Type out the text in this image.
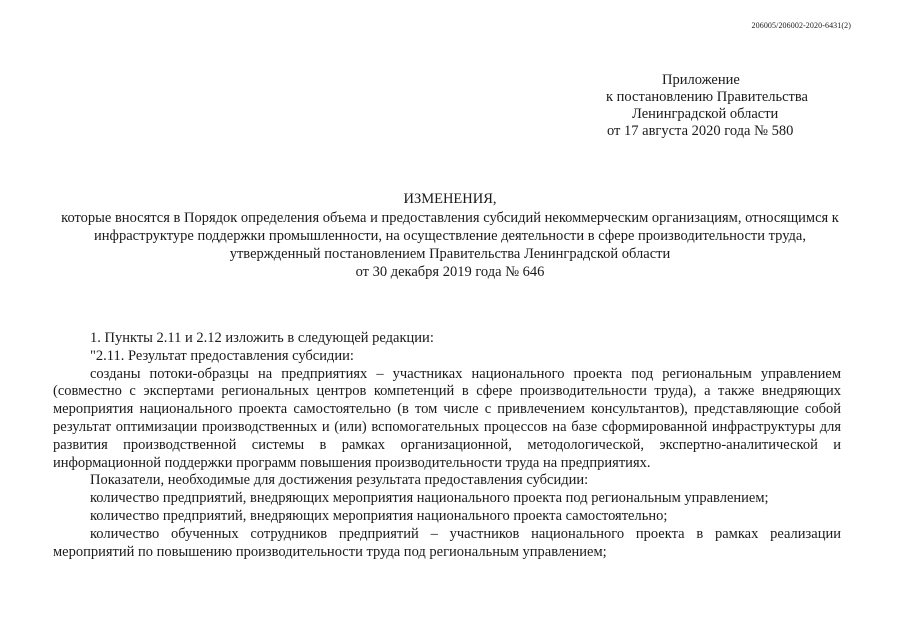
206005/206002-2020-6431(2)
Приложение
к постановлению Правительства
Ленинградской области
от 17 августа 2020 года № 580
ИЗМЕНЕНИЯ,
которые вносятся в Порядок определения объема и предоставления субсидий некоммерческим организациям, относящимся к инфраструктуре поддержки промышленности, на осуществление деятельности в сфере производительности труда, утвержденный постановлением Правительства Ленинградской области
от 30 декабря 2019 года № 646

1. Пункты 2.11 и 2.12 изложить в следующей редакции:

"2.11. Результат предоставления субсидии:

созданы потоки-образцы на предприятиях – участниках национального проекта под региональным управлением (совместно с экспертами региональных центров компетенций в сфере производительности труда), а также внедряющих мероприятия национального проекта самостоятельно (в том числе с привлечением консультантов), представляющие собой результат оптимизации производственных и (или) вспомогательных процессов на базе сформированной инфраструктуры для развития производственной системы в рамках организационной, методологической, экспертно-аналитической и информационной поддержки программ повышения производительности труда на предприятиях.

Показатели, необходимые для достижения результата предоставления субсидии:

количество предприятий, внедряющих мероприятия национального проекта под региональным управлением;

количество предприятий, внедряющих мероприятия национального проекта самостоятельно;

количество обученных сотрудников предприятий – участников национального проекта в рамках реализации мероприятий по повышению производительности труда под региональным управлением;
